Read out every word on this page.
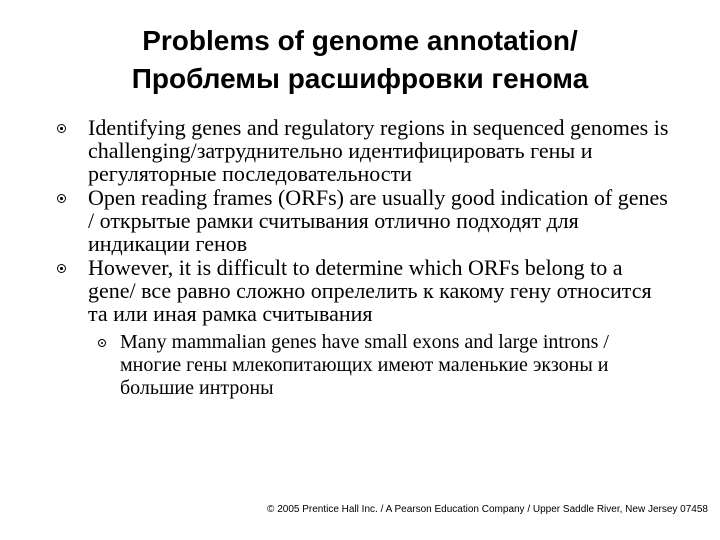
Problems of genome annotation/
Проблемы расшифровки генома
Identifying genes and regulatory regions in sequenced genomes is challenging/затруднительно идентифицировать гены и регуляторные последовательности
Open reading frames (ORFs) are usually good indication of genes / открытые рамки считывания отлично подходят для индикации генов
However, it is difficult to determine which ORFs belong to a gene/ все равно сложно опрелелить к какому гену относится та или иная рамка считывания
Many mammalian genes have small exons and large introns / многие гены млекопитающих имеют маленькие экзоны и большие интроны
© 2005 Prentice Hall Inc. / A Pearson Education Company / Upper Saddle River, New Jersey 07458
